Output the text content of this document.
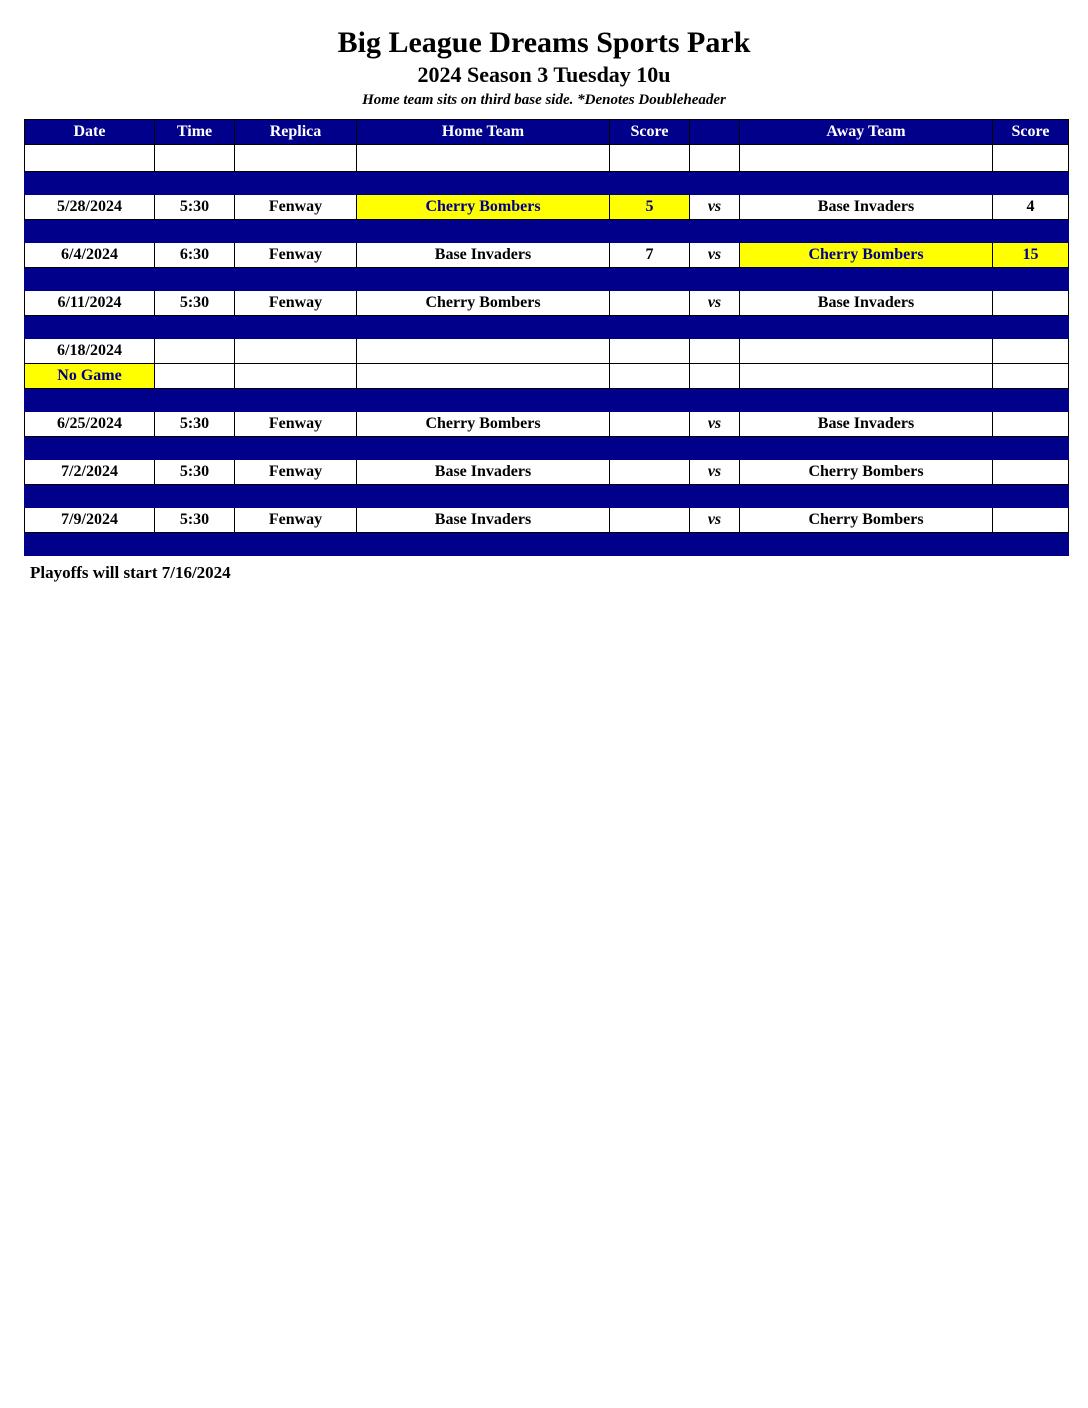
Big League Dreams Sports Park
2024 Season 3 Tuesday 10u
Home team sits on third base side. *Denotes Doubleheader
Date	Time	Replica	Home Team	Score		Away Team	Score

5/28/2024	5:30	Fenway	Cherry Bombers	5	vs	Base Invaders	4

6/4/2024	6:30	Fenway	Base Invaders	7	vs	Cherry Bombers	15

6/11/2024	5:30	Fenway	Cherry Bombers		vs	Base Invaders	

6/18/2024							
No Game							

6/25/2024	5:30	Fenway	Cherry Bombers		vs	Base Invaders	

7/2/2024	5:30	Fenway	Base Invaders		vs	Cherry Bombers	

7/9/2024	5:30	Fenway	Base Invaders		vs	Cherry Bombers	

Playoffs will start 7/16/2024
